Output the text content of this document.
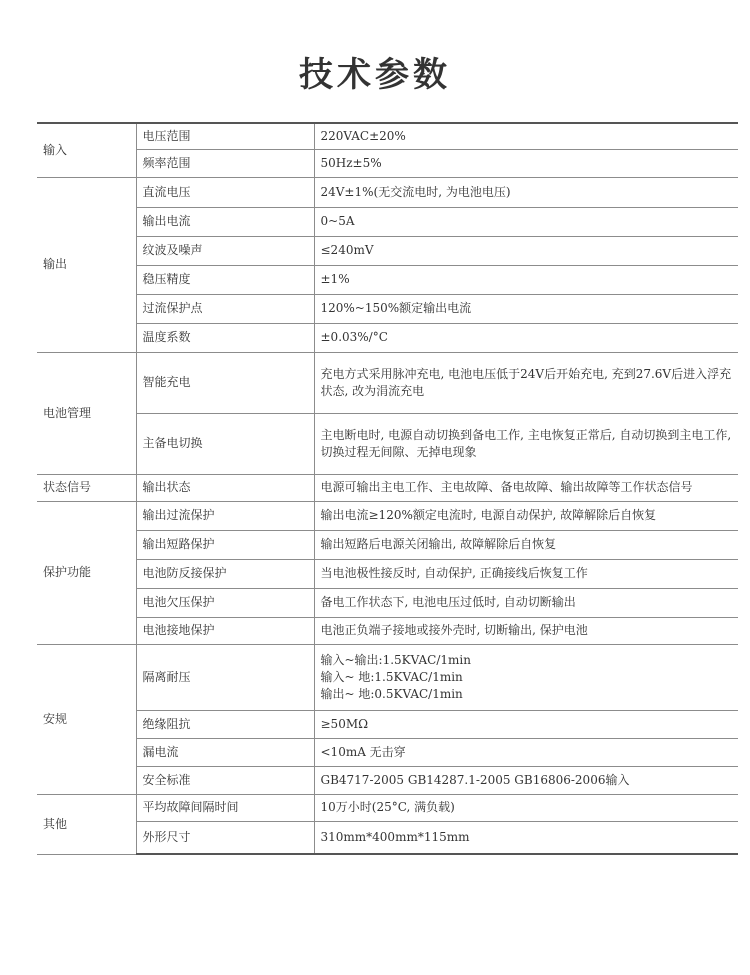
技术参数
输入	电压范围	220VAC±20%
	频率范围	50Hz±5%
输出	直流电压	24V±1%(无交流电时, 为电池电压)
	输出电流	0~5A
	纹波及噪声	≤240mV
	稳压精度	±1%
	过流保护点	120%~150%额定输出电流
	温度系数	±0.03%/°C
电池管理	智能充电	充电方式采用脉冲充电, 电池电压低于24V后开始充电, 充到27.6V后进入浮充状态, 改为涓流充电
	主备电切换	主电断电时, 电源自动切换到备电工作, 主电恢复正常后, 自动切换到主电工作, 切换过程无间隙、无掉电现象
状态信号	输出状态	电源可输出主电工作、主电故障、备电故障、输出故障等工作状态信号
保护功能	输出过流保护	输出电流≥120%额定电流时, 电源自动保护, 故障解除后自恢复
	输出短路保护	输出短路后电源关闭输出, 故障解除后自恢复
	电池防反接保护	当电池极性接反时, 自动保护, 正确接线后恢复工作
	电池欠压保护	备电工作状态下, 电池电压过低时, 自动切断输出
	电池接地保护	电池正负端子接地或接外壳时, 切断输出, 保护电池
安规	隔离耐压	输入~输出:1.5KVAC/1min
输入~ 地:1.5KVAC/1min
输出~ 地:0.5KVAC/1min

	绝缘阻抗	≥50MΩ
	漏电流	<10mA 无击穿
	安全标准	GB4717-2005 GB14287.1-2005 GB16806-2006输入
其他	平均故障间隔时间	10万小时(25°C, 满负载)
	外形尺寸	310mm*400mm*115mm
